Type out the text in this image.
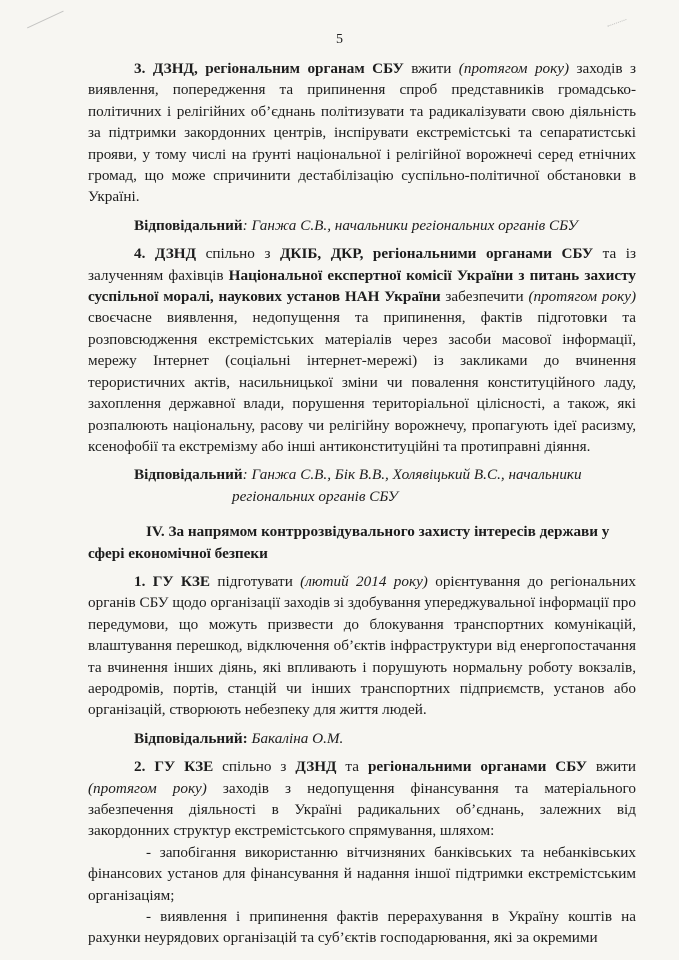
5

3. ДЗНД, регіональним органам СБУ вжити (протягом року) заходів з виявлення, попередження та припинення спроб представників громадсько-політичних і релігійних об’єднань політизувати та радикалізувати свою діяльність за підтримки закордонних центрів, інспірувати екстремістські та сепаратистські прояви, у тому числі на ґрунті національної і релігійної ворожнечі серед етнічних громад, що може спричинити дестабілізацію суспільно-політичної обстановки в Україні.

Відповідальний: Ганжа С.В., начальники регіональних органів СБУ

4. ДЗНД спільно з ДКІБ, ДКР, регіональними органами СБУ та із залученням фахівців Національної експертної комісії України з питань захисту суспільної моралі, наукових установ НАН України забезпечити (протягом року) своєчасне виявлення, недопущення та припинення, фактів підготовки та розповсюдження екстремістських матеріалів через засоби масової інформації, мережу Інтернет (соціальні інтернет-мережі) із закликами до вчинення терористичних актів, насильницької зміни чи повалення конституційного ладу, захоплення державної влади, порушення територіальної цілісності, а також, які розпалюють національну, расову чи релігійну ворожнечу, пропагують ідеї расизму, ксенофобії та екстремізму або інші антиконституційні та протиправні діяння.

Відповідальний: Ганжа С.В., Бік В.В., Холявіцький В.С., начальники
регіональних органів СБУ

IV. За напрямом контррозвідувального захисту інтересів держави у сфері економічної безпеки

1. ГУ КЗЕ підготувати (лютий 2014 року) орієнтування до регіональних органів СБУ щодо організації заходів зі здобування упереджувальної інформації про передумови, що можуть призвести до блокування транспортних комунікацій, влаштування перешкод, відключення об’єктів інфраструктури від енергопостачання та вчинення інших діянь, які впливають і порушують нормальну роботу вокзалів, аеродромів, портів, станцій чи інших транспортних підприємств, установ або організацій, створюють небезпеку для життя людей.

Відповідальний: Бакаліна О.М.

2. ГУ КЗЕ спільно з ДЗНД та регіональними органами СБУ вжити (протягом року) заходів з недопущення фінансування та матеріального забезпечення діяльності в Україні радикальних об’єднань, залежних від закордонних структур екстремістського спрямування, шляхом:

- запобігання використанню вітчизняних банківських та небанківських фінансових установ для фінансування й надання іншої підтримки екстремістським організаціям;

- виявлення і припинення фактів перерахування в Україну коштів на рахунки неурядових організацій та суб’єктів господарювання, які за окремими
